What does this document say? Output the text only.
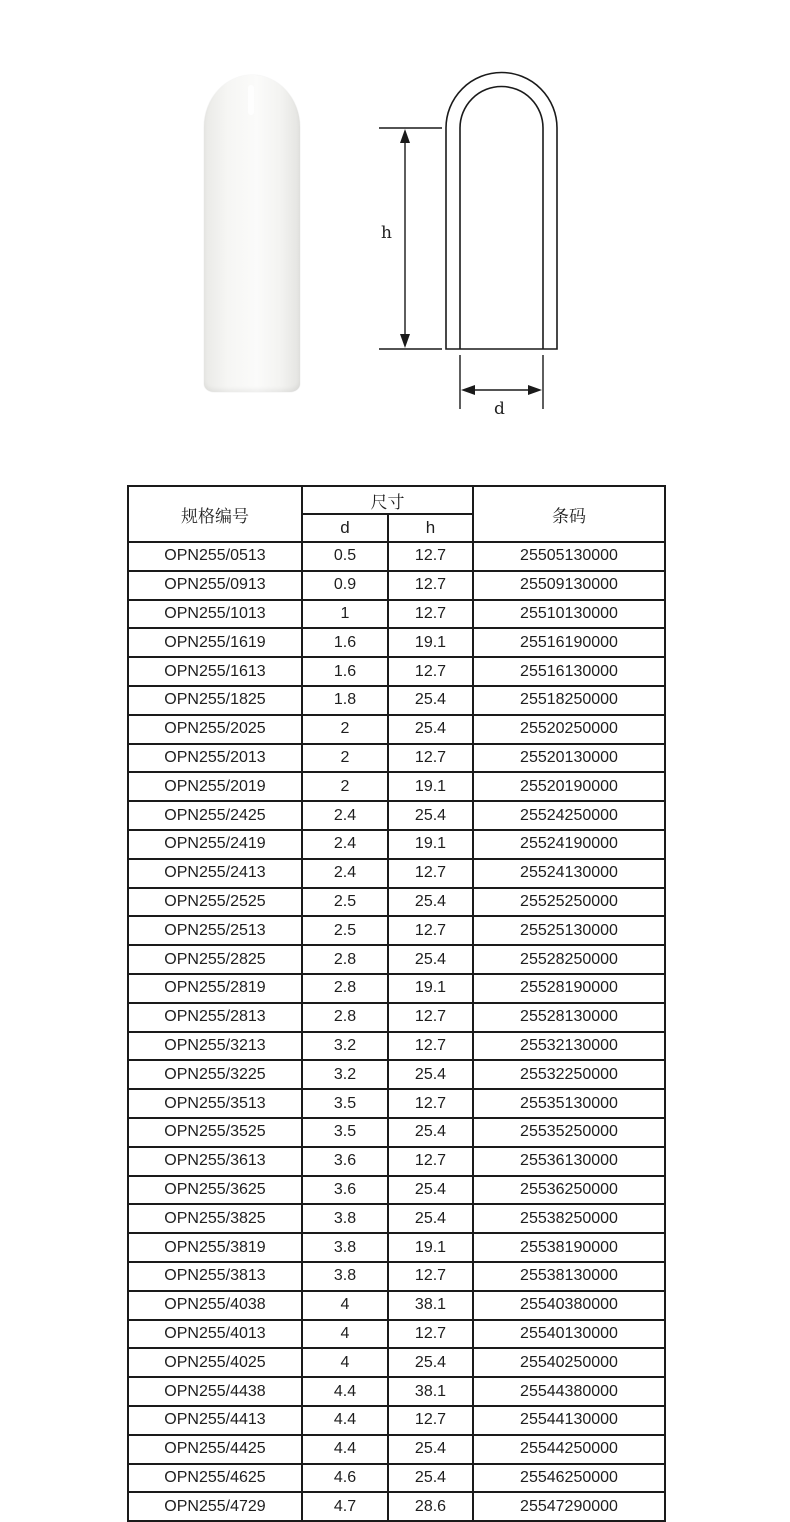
h
d
规格编号	尺寸		条码
	d	h	
OPN255/0513	0.5	12.7	25505130000
OPN255/0913	0.9	12.7	25509130000
OPN255/1013	1	12.7	25510130000
OPN255/1619	1.6	19.1	25516190000
OPN255/1613	1.6	12.7	25516130000
OPN255/1825	1.8	25.4	25518250000
OPN255/2025	2	25.4	25520250000
OPN255/2013	2	12.7	25520130000
OPN255/2019	2	19.1	25520190000
OPN255/2425	2.4	25.4	25524250000
OPN255/2419	2.4	19.1	25524190000
OPN255/2413	2.4	12.7	25524130000
OPN255/2525	2.5	25.4	25525250000
OPN255/2513	2.5	12.7	25525130000
OPN255/2825	2.8	25.4	25528250000
OPN255/2819	2.8	19.1	25528190000
OPN255/2813	2.8	12.7	25528130000
OPN255/3213	3.2	12.7	25532130000
OPN255/3225	3.2	25.4	25532250000
OPN255/3513	3.5	12.7	25535130000
OPN255/3525	3.5	25.4	25535250000
OPN255/3613	3.6	12.7	25536130000
OPN255/3625	3.6	25.4	25536250000
OPN255/3825	3.8	25.4	25538250000
OPN255/3819	3.8	19.1	25538190000
OPN255/3813	3.8	12.7	25538130000
OPN255/4038	4	38.1	25540380000
OPN255/4013	4	12.7	25540130000
OPN255/4025	4	25.4	25540250000
OPN255/4438	4.4	38.1	25544380000
OPN255/4413	4.4	12.7	25544130000
OPN255/4425	4.4	25.4	25544250000
OPN255/4625	4.6	25.4	25546250000
OPN255/4729	4.7	28.6	25547290000
